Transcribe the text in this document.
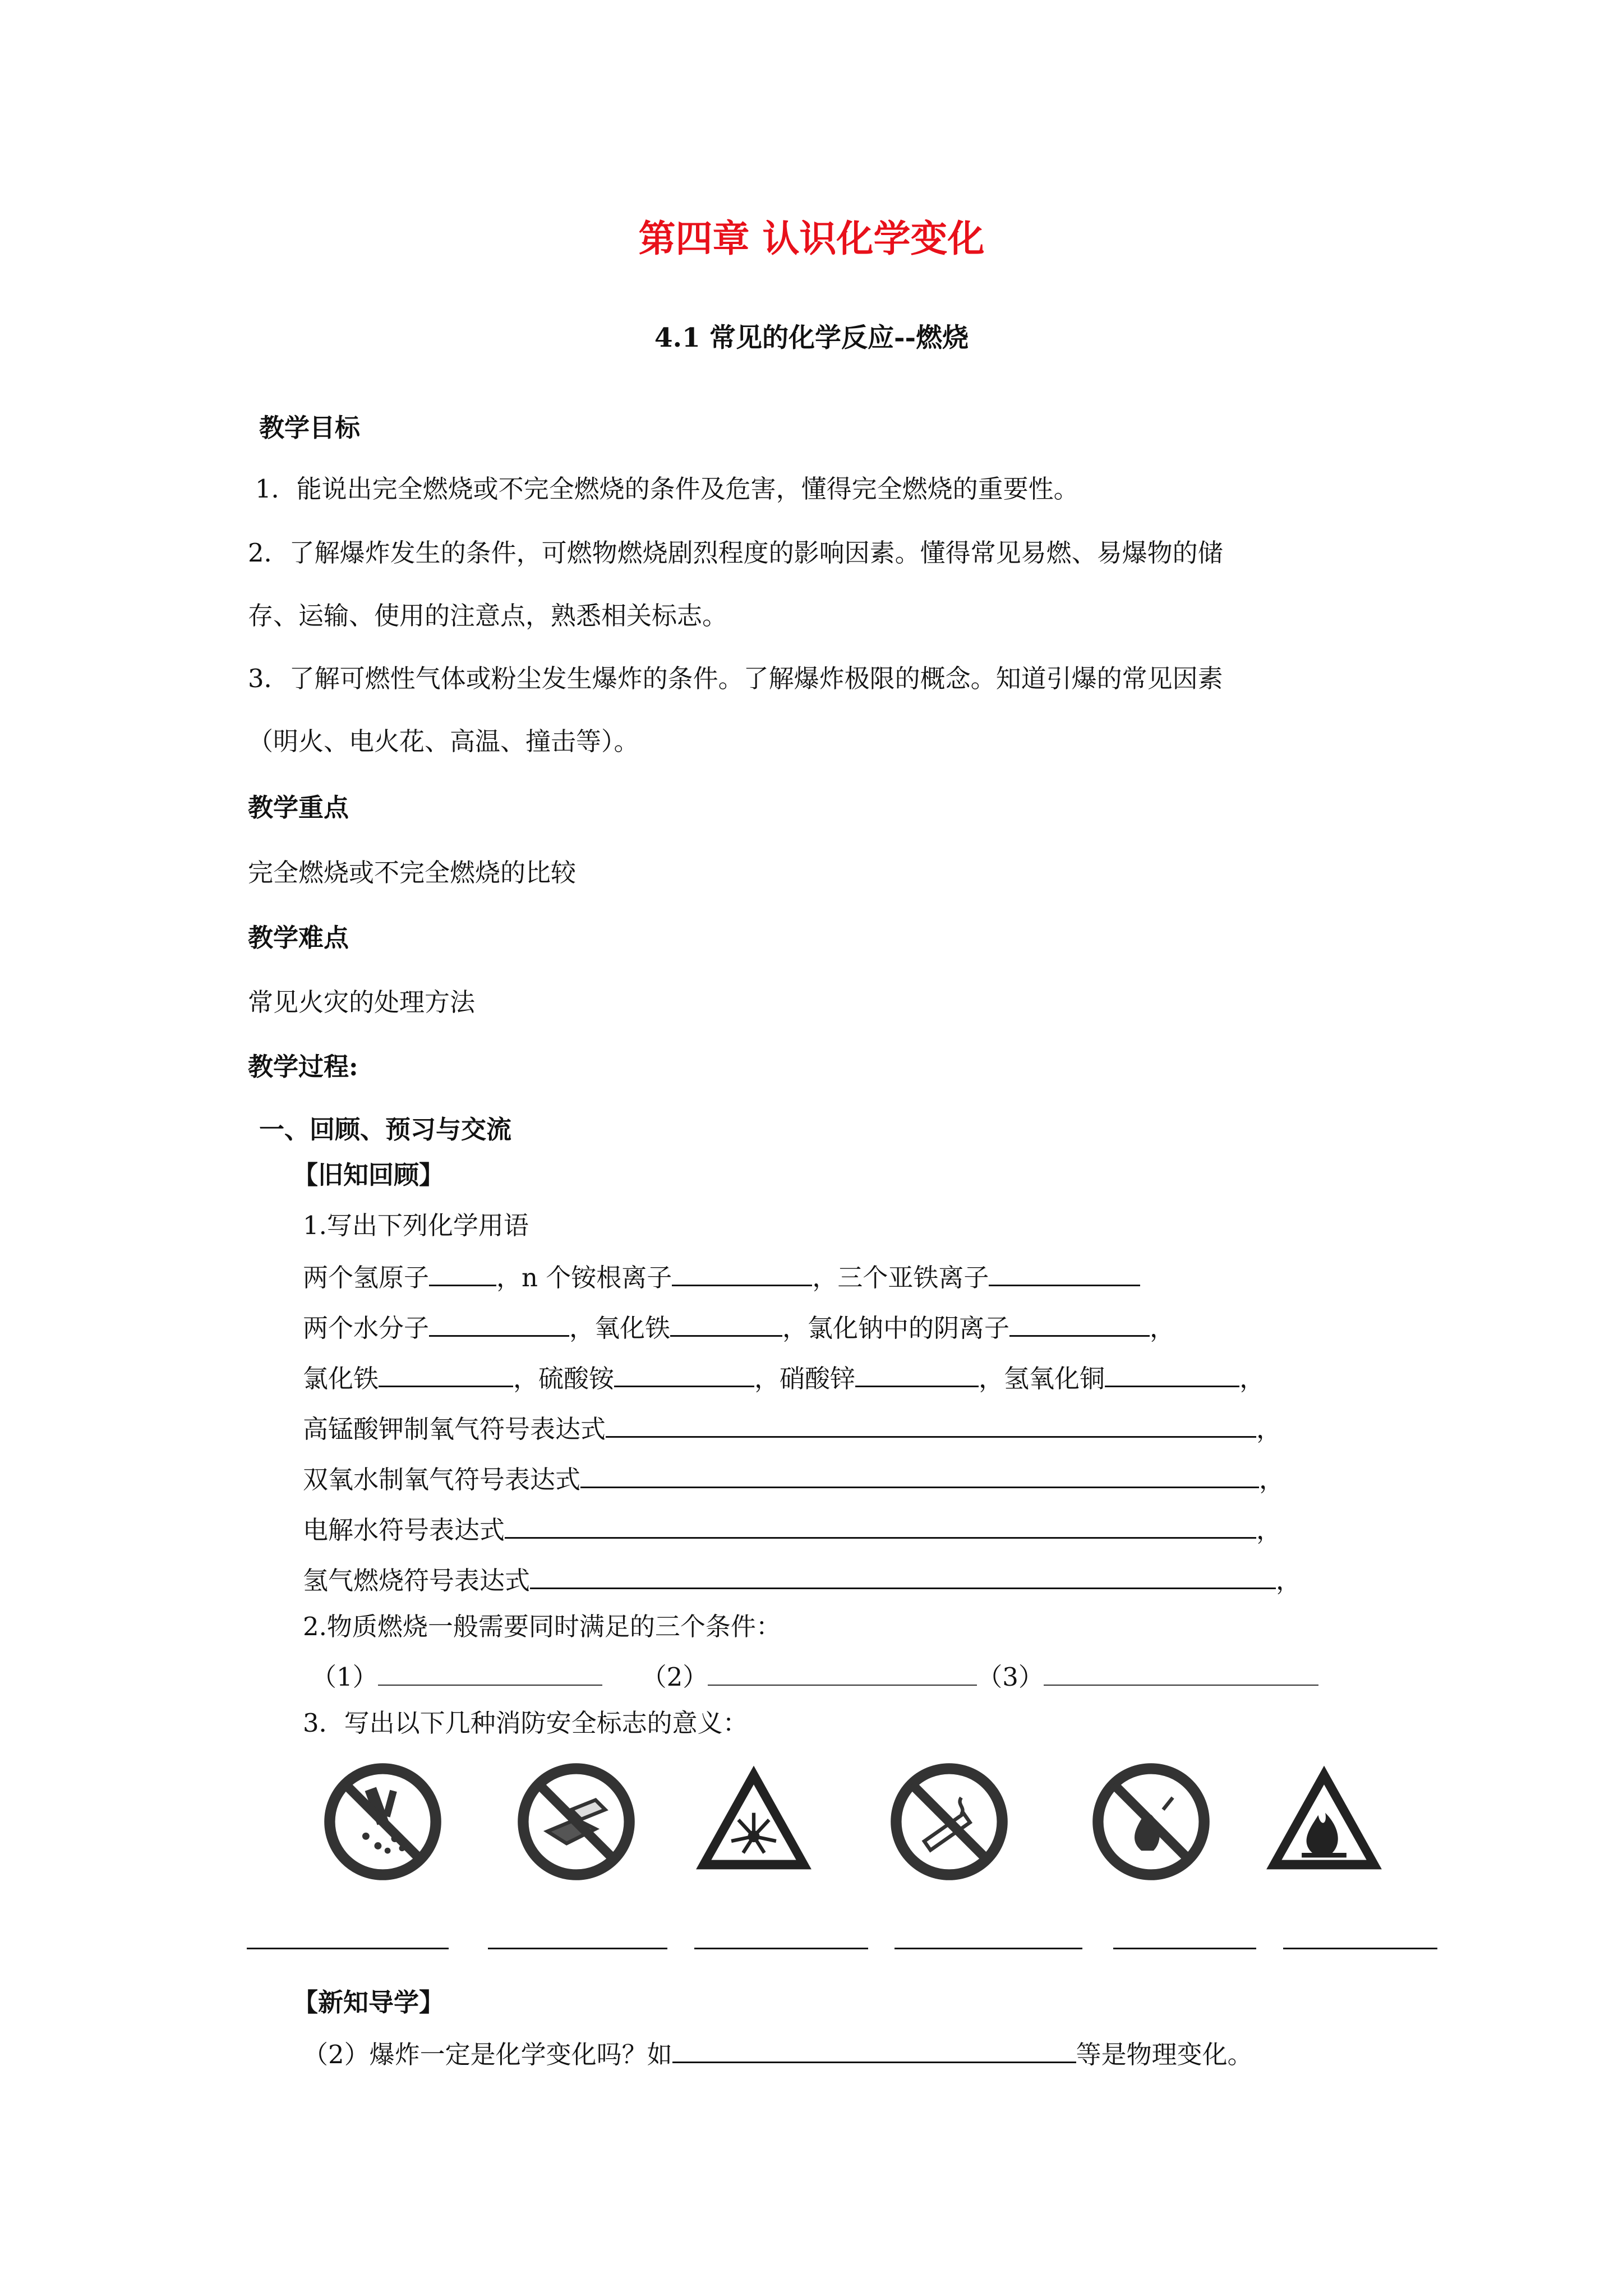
第四章 认识化学变化
4.1 常见的化学反应--燃烧
教学目标
1．能说出完全燃烧或不完全燃烧的条件及危害，懂得完全燃烧的重要性。
2．了解爆炸发生的条件，可燃物燃烧剧烈程度的影响因素。懂得常见易燃、易爆物的储
存、运输、使用的注意点，熟悉相关标志。
3．了解可燃性气体或粉尘发生爆炸的条件。了解爆炸极限的概念。知道引爆的常见因素
（明火、电火花、高温、撞击等）。
教学重点
完全燃烧或不完全燃烧的比较
教学难点
常见火灾的处理方法
教学过程:
一、回顾、预习与交流
【旧知回顾】
1.写出下列化学用语
两个氢原子	，n 个铵根离子	，三个亚铁离子
两个水分子	，氧化铁	，氯化钠中的阴离子	，
氯化铁	，硫酸铵	，硝酸锌	，氢氧化铜	，
高锰酸钾制氧气符号表达式	，
双氧水制氧气符号表达式	，
电解水符号表达式	，
氢气燃烧符号表达式	，
2.物质燃烧一般需要同时满足的三个条件：
（1）	（2）	（3）
3．写出以下几种消防安全标志的意义：
【新知导学】
（2）爆炸一定是化学变化吗？如	等是物理变化。
